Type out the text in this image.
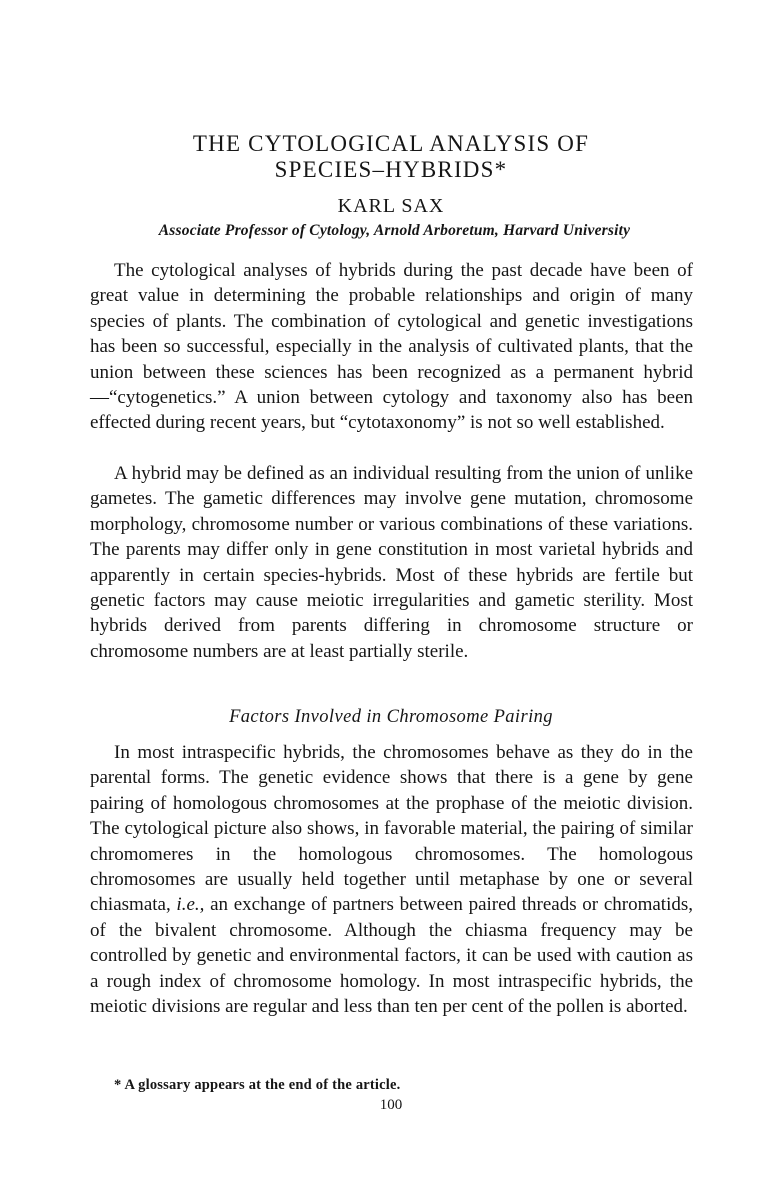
THE CYTOLOGICAL ANALYSIS OF
SPECIES–HYBRIDS*
KARL SAX
Associate Professor of Cytology, Arnold Arboretum, Harvard University

The cytological analyses of hybrids during the past decade have been of great value in determining the probable relationships and origin of many species of plants. The combination of cytological and genetic investigations has been so successful, especially in the analysis of cultivated plants, that the union between these sciences has been recognized as a permanent hybrid—“cytogenetics.” A union between cytology and taxonomy also has been effected during recent years, but “cytotaxonomy” is not so well established.

A hybrid may be defined as an individual resulting from the union of unlike gametes. The gametic differences may involve gene mutation, chromosome morphology, chromosome number or various combinations of these variations. The parents may differ only in gene constitution in most varietal hybrids and apparently in certain species-hybrids. Most of these hybrids are fertile but genetic factors may cause meiotic irregularities and gametic sterility. Most hybrids derived from parents differing in chromosome structure or chromosome numbers are at least partially sterile.

Factors Involved in Chromosome Pairing

In most intraspecific hybrids, the chromosomes behave as they do in the parental forms. The genetic evidence shows that there is a gene by gene pairing of homologous chromosomes at the prophase of the meiotic division. The cytological picture also shows, in favorable material, the pairing of similar chromomeres in the homologous chromosomes. The homologous chromosomes are usually held together until metaphase by one or several chiasmata, i.e., an exchange of partners between paired threads or chromatids, of the bivalent chromosome. Although the chiasma frequency may be controlled by genetic and environmental factors, it can be used with caution as a rough index of chromosome homology. In most intraspecific hybrids, the meiotic divisions are regular and less than ten per cent of the pollen is aborted.

* A glossary appears at the end of the article.
100
